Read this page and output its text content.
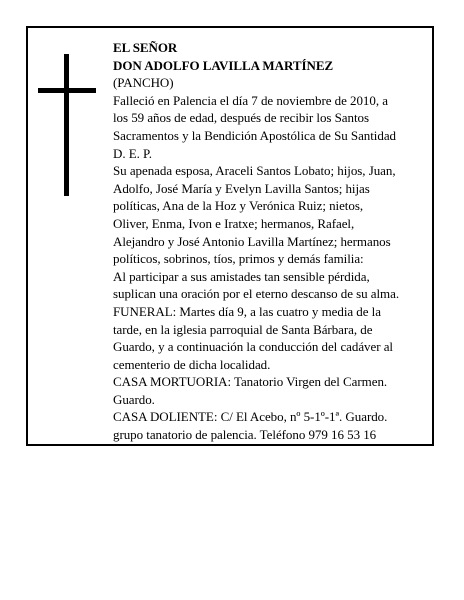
EL SEÑOR
DON ADOLFO LAVILLA MARTÍNEZ
(PANCHO)
Falleció en Palencia el día 7 de noviembre de 2010, a
los 59 años de edad, después de recibir los Santos
Sacramentos y la Bendición Apostólica de Su Santidad
D. E. P.
Su apenada esposa, Araceli Santos Lobato; hijos, Juan,
Adolfo, José María y Evelyn Lavilla Santos; hijas
políticas, Ana de la Hoz y Verónica Ruiz; nietos,
Oliver, Enma, Ivon e Iratxe; hermanos, Rafael,
Alejandro y José Antonio Lavilla Martínez; hermanos
políticos, sobrinos, tíos, primos y demás familia:
Al participar a sus amistades tan sensible pérdida,
suplican una oración por el eterno descanso de su alma.
FUNERAL: Martes día 9, a las cuatro y media de la
tarde, en la iglesia parroquial de Santa Bárbara, de
Guardo, y a continuación la conducción del cadáver al
cementerio de dicha localidad.
CASA MORTUORIA: Tanatorio Virgen del Carmen.
Guardo.
CASA DOLIENTE: C/ El Acebo, nº 5-1º-1ª. Guardo.
grupo tanatorio de palencia. Teléfono 979 16 53 16
